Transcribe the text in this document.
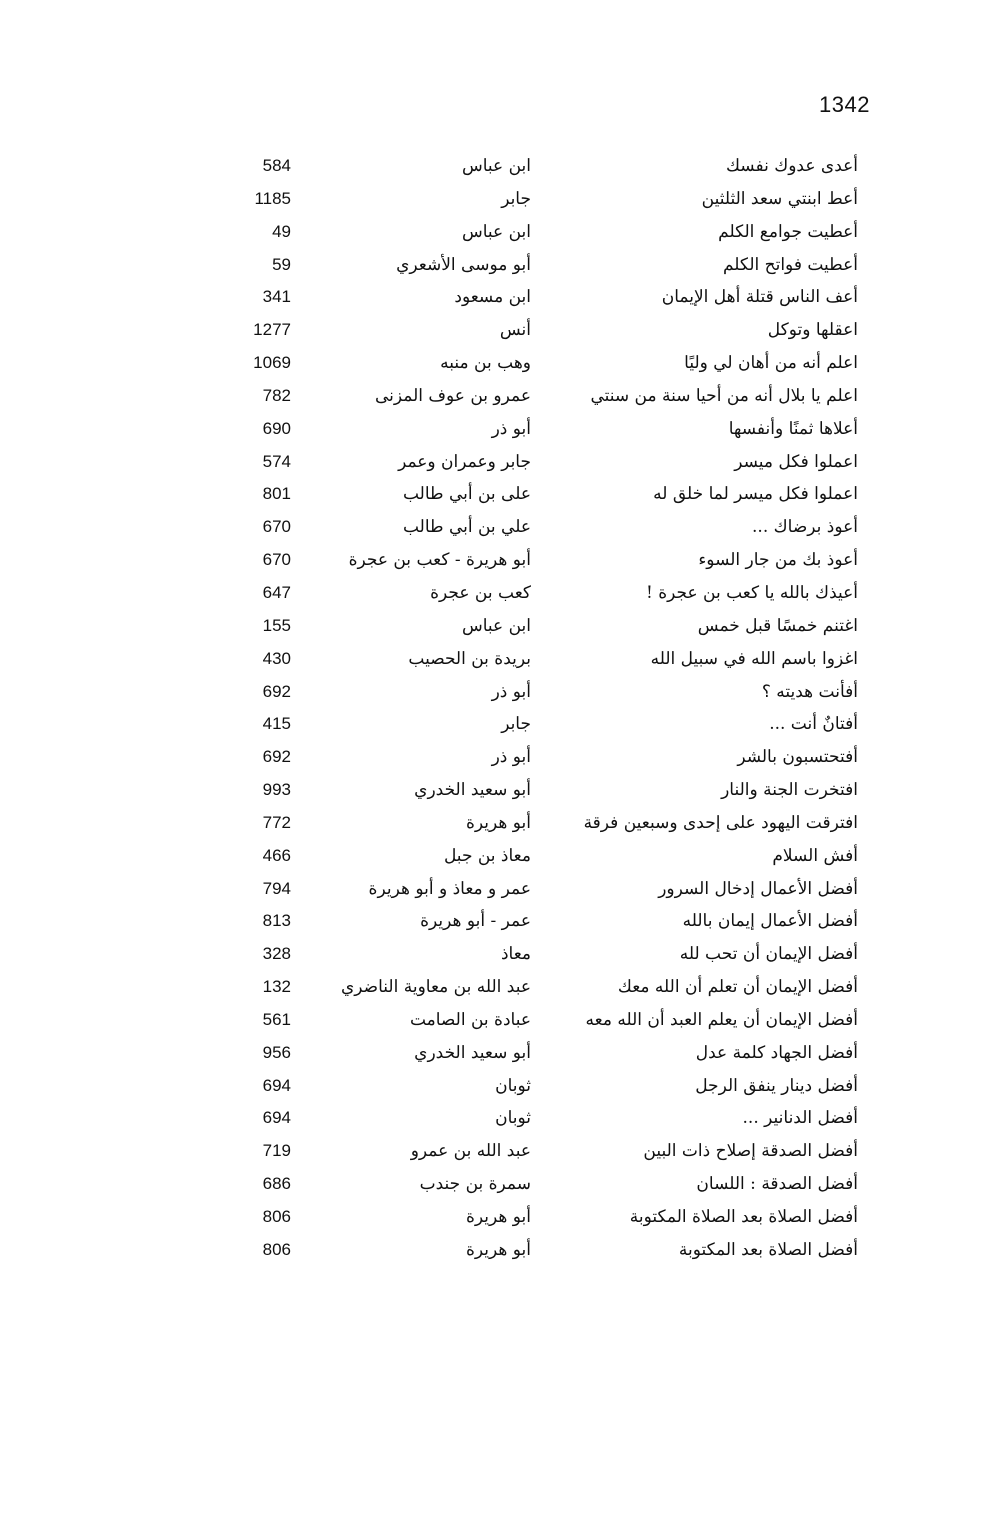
1342
أعدى عدوك نفسك
ابن عباس
584
أعط ابنتي سعد الثلثين
جابر
1185
أعطيت جوامع الكلم
ابن عباس
49
أعطيت فواتح الكلم
أبو موسى الأشعري
59
أعف الناس قتلة أهل الإيمان
ابن مسعود
341
اعقلها وتوكل
أنس
1277
اعلم أنه من أهان لي وليًا
وهب بن منبه
1069
اعلم يا بلال أنه من أحيا سنة من سنتي
عمرو بن عوف المزنى
782
أعلاها ثمنًا وأنفسها
أبو ذر
690
اعملوا فكل ميسر
جابر وعمران وعمر
574
اعملوا فكل ميسر لما خلق له
على بن أبي طالب
801
أعوذ برضاك ...
علي بن أبي طالب
670
أعوذ بك من جار السوء
أبو هريرة - كعب بن عجرة
670
أعيذك بالله يا كعب بن عجرة !
كعب بن عجرة
647
اغتنم خمسًا قبل خمس
ابن عباس
155
اغزوا باسم الله في سبيل الله
بريدة بن الحصيب
430
أفأنت هديته ؟
أبو ذر
692
أفتانٌ أنت ...
جابر
415
أفتحتسبون بالشر
أبو ذر
692
افتخرت الجنة والنار
أبو سعيد الخدري
993
افترقت اليهود على إحدى وسبعين فرقة
أبو هريرة
772
أفش السلام
معاذ بن جبل
466
أفضل الأعمال إدخال السرور
عمر و معاذ و أبو هريرة
794
أفضل الأعمال إيمان بالله
عمر - أبو هريرة
813
أفضل الإيمان أن تحب لله
معاذ
328
أفضل الإيمان أن تعلم أن الله معك
عبد الله بن معاوية الناضري
132
أفضل الإيمان أن يعلم العبد أن الله معه
عبادة بن الصامت
561
أفضل الجهاد كلمة عدل
أبو سعيد الخدري
956
أفضل دينار ينفق الرجل
ثوبان
694
أفضل الدنانير ...
ثوبان
694
أفضل الصدقة إصلاح ذات البين
عبد الله بن عمرو
719
أفضل الصدقة : اللسان
سمرة بن جندب
686
أفضل الصلاة بعد الصلاة المكتوبة
أبو هريرة
806
أفضل الصلاة بعد المكتوبة
أبو هريرة
806
